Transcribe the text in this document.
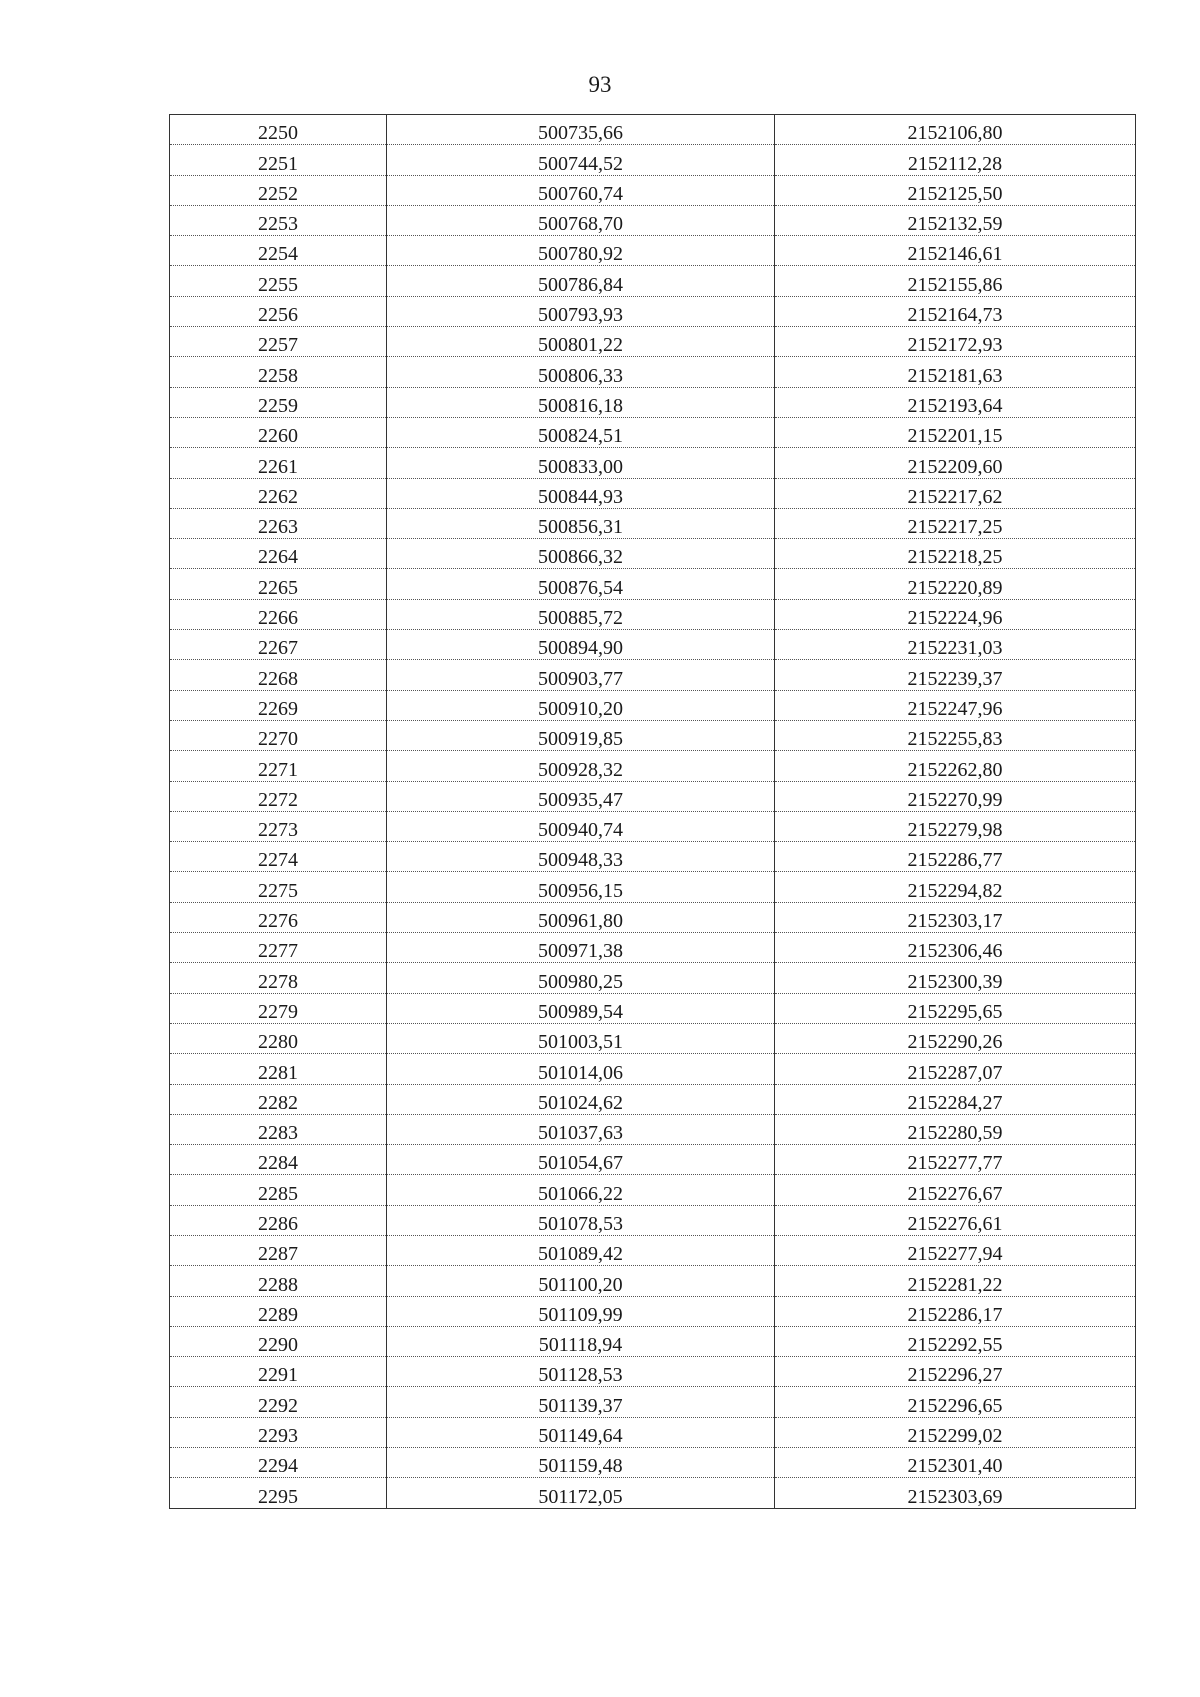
93
2250	500735,66	2152106,80
2251	500744,52	2152112,28
2252	500760,74	2152125,50
2253	500768,70	2152132,59
2254	500780,92	2152146,61
2255	500786,84	2152155,86
2256	500793,93	2152164,73
2257	500801,22	2152172,93
2258	500806,33	2152181,63
2259	500816,18	2152193,64
2260	500824,51	2152201,15
2261	500833,00	2152209,60
2262	500844,93	2152217,62
2263	500856,31	2152217,25
2264	500866,32	2152218,25
2265	500876,54	2152220,89
2266	500885,72	2152224,96
2267	500894,90	2152231,03
2268	500903,77	2152239,37
2269	500910,20	2152247,96
2270	500919,85	2152255,83
2271	500928,32	2152262,80
2272	500935,47	2152270,99
2273	500940,74	2152279,98
2274	500948,33	2152286,77
2275	500956,15	2152294,82
2276	500961,80	2152303,17
2277	500971,38	2152306,46
2278	500980,25	2152300,39
2279	500989,54	2152295,65
2280	501003,51	2152290,26
2281	501014,06	2152287,07
2282	501024,62	2152284,27
2283	501037,63	2152280,59
2284	501054,67	2152277,77
2285	501066,22	2152276,67
2286	501078,53	2152276,61
2287	501089,42	2152277,94
2288	501100,20	2152281,22
2289	501109,99	2152286,17
2290	501118,94	2152292,55
2291	501128,53	2152296,27
2292	501139,37	2152296,65
2293	501149,64	2152299,02
2294	501159,48	2152301,40
2295	501172,05	2152303,69
